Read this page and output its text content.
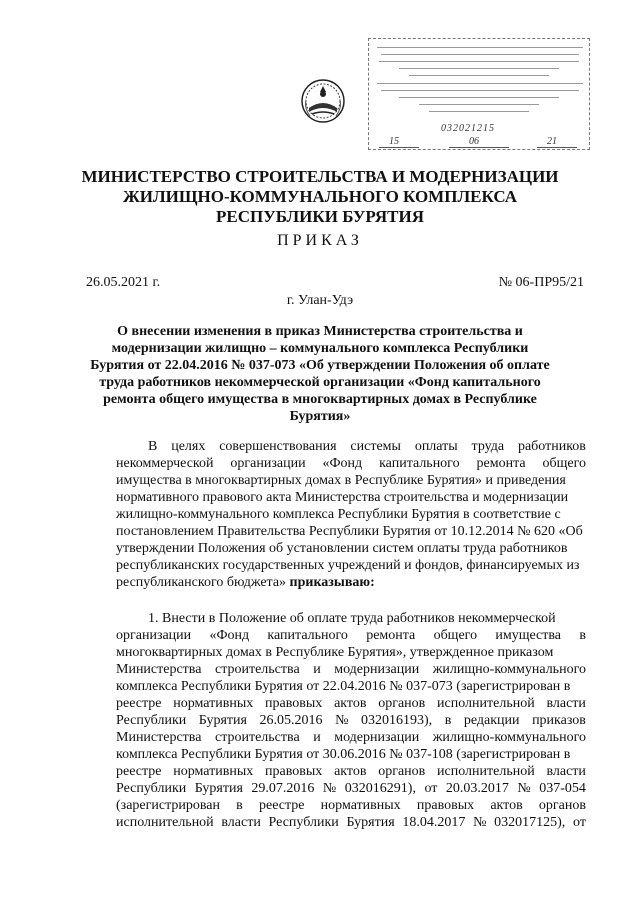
032021215
15	06	21
МИНИСТЕРСТВО СТРОИТЕЛЬСТВА И МОДЕРНИЗАЦИИ
ЖИЛИЩНО-КОММУНАЛЬНОГО КОМПЛЕКСА
РЕСПУБЛИКИ БУРЯТИЯ
ПРИКАЗ
26.05.2021 г.	№ 06-ПР95/21
г. Улан-Удэ
О внесении изменения в приказ Министерства строительства и
модернизации жилищно – коммунального комплекса Республики
Бурятия от 22.04.2016 № 037-073 «Об утверждении Положения об оплате
труда работников некоммерческой организации «Фонд капитального
ремонта общего имущества в многоквартирных домах в Республике
Бурятия»
В целях совершенствования системы оплаты труда работников
некоммерческой организации «Фонд капитального ремонта общего
имущества в многоквартирных домах в Республике Бурятия» и приведения
нормативного правового акта Министерства строительства и модернизации
жилищно-коммунального комплекса Республики Бурятия в соответствие с
постановлением Правительства Республики Бурятия от 10.12.2014 № 620 «Об
утверждении Положения об установлении систем оплаты труда работников
республиканских государственных учреждений и фондов, финансируемых из
республиканского бюджета» приказываю:
1. Внести в Положение об оплате труда работников некоммерческой
организации «Фонд капитального ремонта общего имущества в
многоквартирных домах в Республике Бурятия», утвержденное приказом
Министерства строительства и модернизации жилищно-коммунального
комплекса Республики Бурятия от 22.04.2016 № 037-073 (зарегистрирован в
реестре нормативных правовых актов органов исполнительной власти
Республики Бурятия 26.05.2016 № 032016193), в редакции приказов
Министерства строительства и модернизации жилищно-коммунального
комплекса Республики Бурятия от 30.06.2016 № 037-108 (зарегистрирован в
реестре нормативных правовых актов органов исполнительной власти
Республики Бурятия 29.07.2016 № 032016291), от 20.03.2017 № 037-054
(зарегистрирован в реестре нормативных правовых актов органов
исполнительной власти Республики Бурятия 18.04.2017 № 032017125), от
